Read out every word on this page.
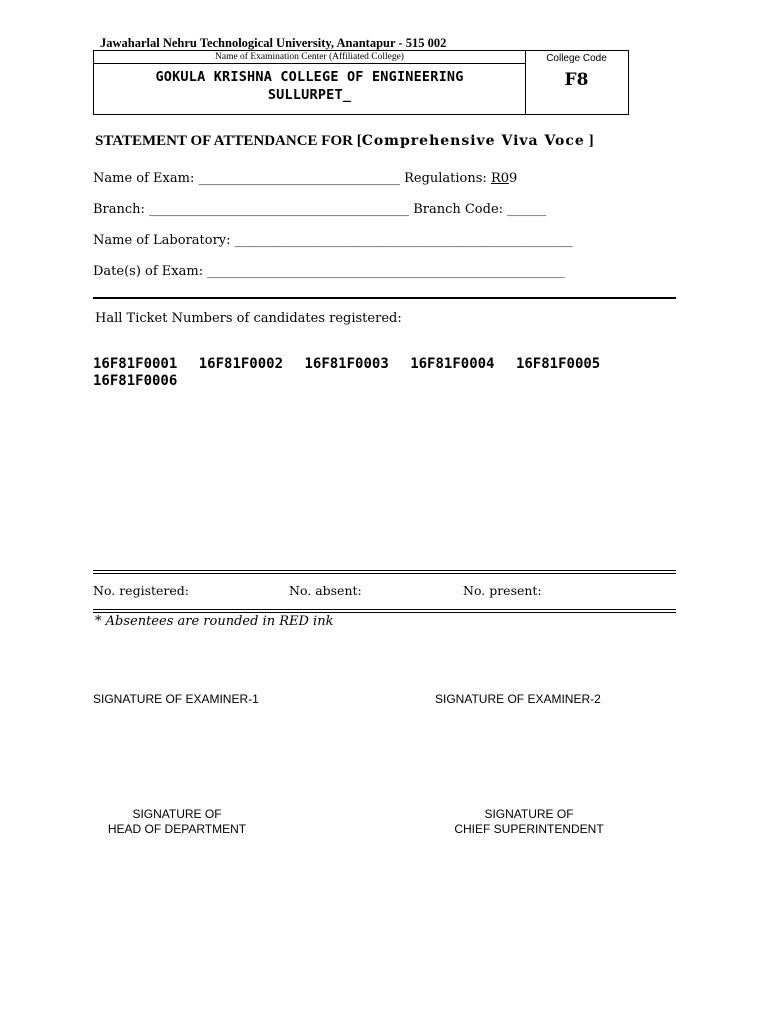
Jawaharlal Nehru Technological University, Anantapur - 515 002
Name of Examination Center (Affiliated College)
GOKULA KRISHNA COLLEGE OF ENGINEERING
SULLURPET_
College Code
F8
STATEMENT OF ATTENDANCE FOR [Comprehensive Viva Voce ]
Name of Exam: _______________________________ Regulations: R09
Branch: ________________________________________ Branch Code: ______
Name of Laboratory: ____________________________________________________
Date(s) of Exam: _______________________________________________________
Hall Ticket Numbers of candidates registered:
16F81F0001 16F81F0002 16F81F0003 16F81F0004 16F81F0005 16F81F0006
No. registered:	No. absent:	No. present:
* Absentees are rounded in RED ink
SIGNATURE OF EXAMINER-1	SIGNATURE OF EXAMINER-2
SIGNATURE OF
HEAD OF DEPARTMENT
SIGNATURE OF
CHIEF SUPERINTENDENT
